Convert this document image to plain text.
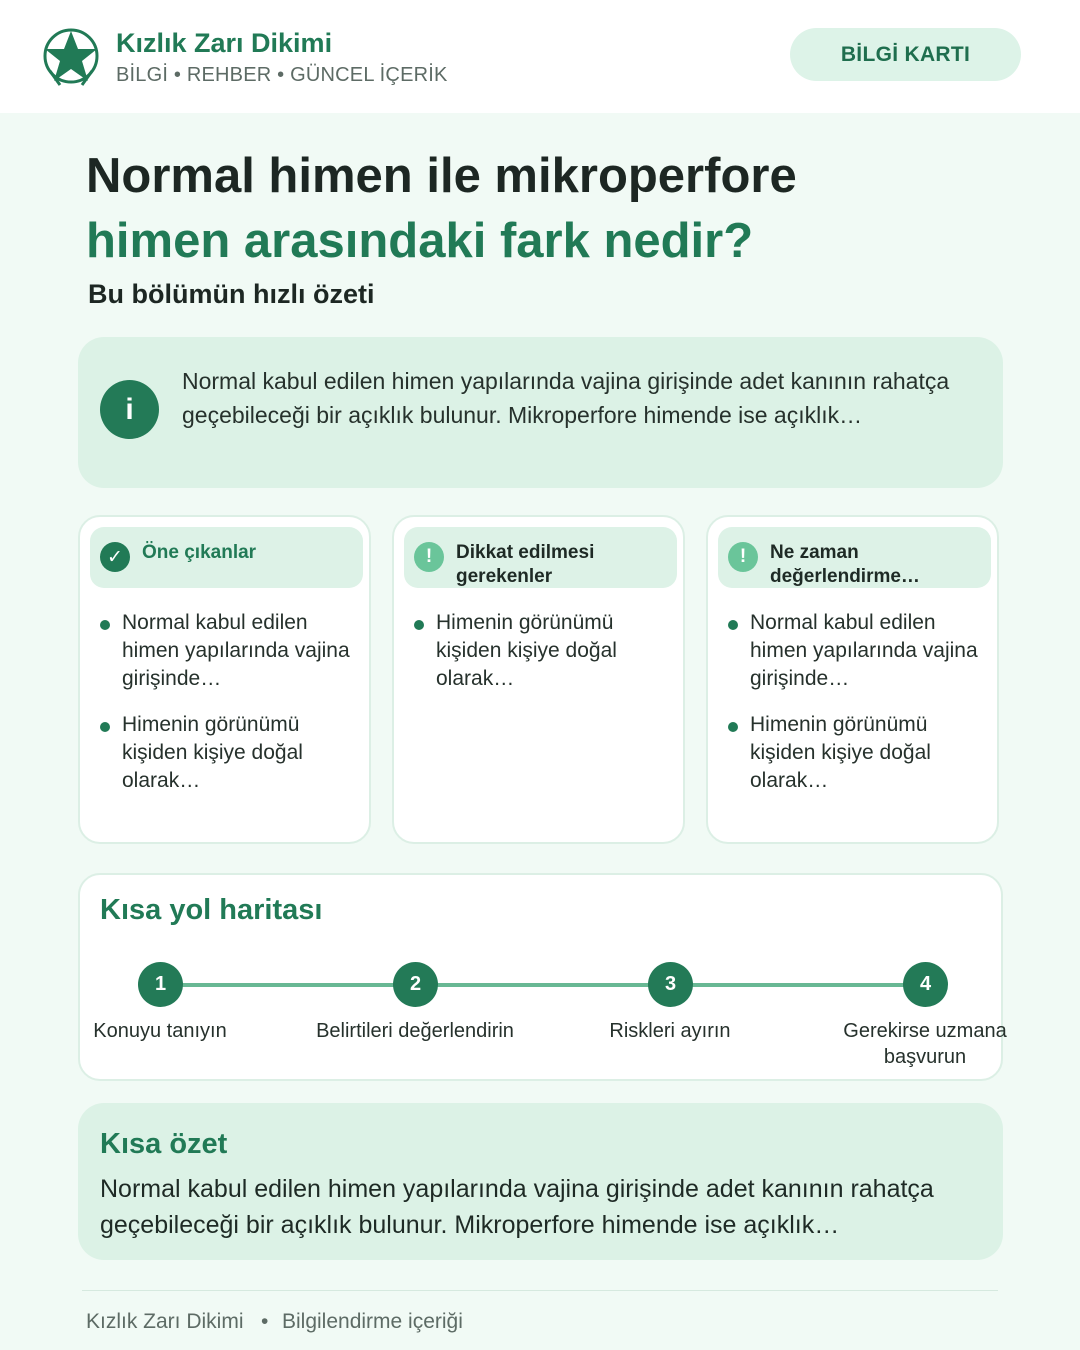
Kızlık Zarı Dikimi
BİLGİ • REHBER • GÜNCEL İÇERİK
BİLGİ KARTI
Normal himen ile mikroperfore
himen arasındaki fark nedir?
Bu bölümün hızlı özeti
i
Normal kabul edilen himen yapılarında vajina girişinde adet kanının rahatça geçebileceği bir açıklık bulunur. Mikroperfore himende ise açıklık…
✓	Öne çıkanlar
Normal kabul edilen himen yapılarında vajina girişinde…
Himenin görünümü kişiden kişiye doğal olarak…
!	Dikkat edilmesi gerekenler
Himenin görünümü kişiden kişiye doğal olarak…
!	Ne zaman değerlendirme…
Normal kabul edilen himen yapılarında vajina girişinde…
Himenin görünümü kişiden kişiye doğal olarak…
Kısa yol haritası
1	2	3	4
Konuyu tanıyın	Belirtileri değerlendirin	Riskleri ayırın	Gerekirse uzmana başvurun
Kısa özet
Normal kabul edilen himen yapılarında vajina girişinde adet kanının rahatça geçebileceği bir açıklık bulunur. Mikroperfore himende ise açıklık…
Kızlık Zarı Dikimi • Bilgilendirme içeriği
